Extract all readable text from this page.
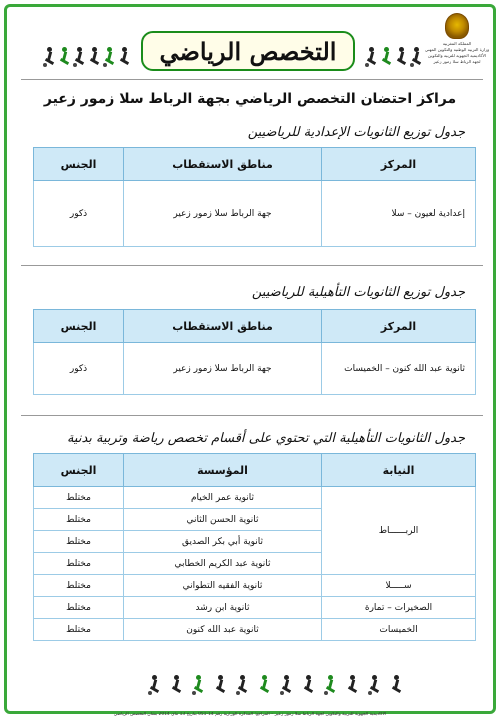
المملكة المغربية
وزارة التربية الوطنية والتكوين المهني
الأكاديمية الجهوية للتربية والتكوين
لجهة الرباط سلا زمور زعير
التخصص الرياضي
مراكز احتضان التخصص الرياضي بجهة الرباط سلا زمور زعير
جدول توزيع الثانويات الإعدادية للرياضيين
المركز	مناطق الاستقطاب	الجنس
إعدادية لعيون – سلا	جهة الرباط سلا زمور زعير	ذكور
جدول توزيع الثانويات التأهيلية للرياضيين
المركز	مناطق الاستقطاب	الجنس
ثانوية عبد الله كنون – الخميسات	جهة الرباط سلا زمور زعير	ذكور
جدول الثانويات التأهيلية التي تحتوي على أقسام تخصص رياضة وتربية بدنية
النيابة	المؤسسة	الجنس
الربــــــاط	ثانوية عمر الخيام	مختلط
	ثانوية الحسن الثاني	مختلط
	ثانوية أبي بكر الصديق	مختلط
	ثانوية عبد الكريم الخطابي	مختلط
ســـــلا	ثانوية الفقيه التطواني	مختلط
الصخيرات – تمارة	ثانوية ابن رشد	مختلط
الخميسات	ثانوية عبد الله كنون	مختلط
الأكاديمية الجهوية للتربية والتكوين لجهة الرباط سلا زمور زعير – المراجع: المذكرة الوزارية رقم 14-051 بتاريخ 13 ماي 2014 بشأن التخصص الرياضي
